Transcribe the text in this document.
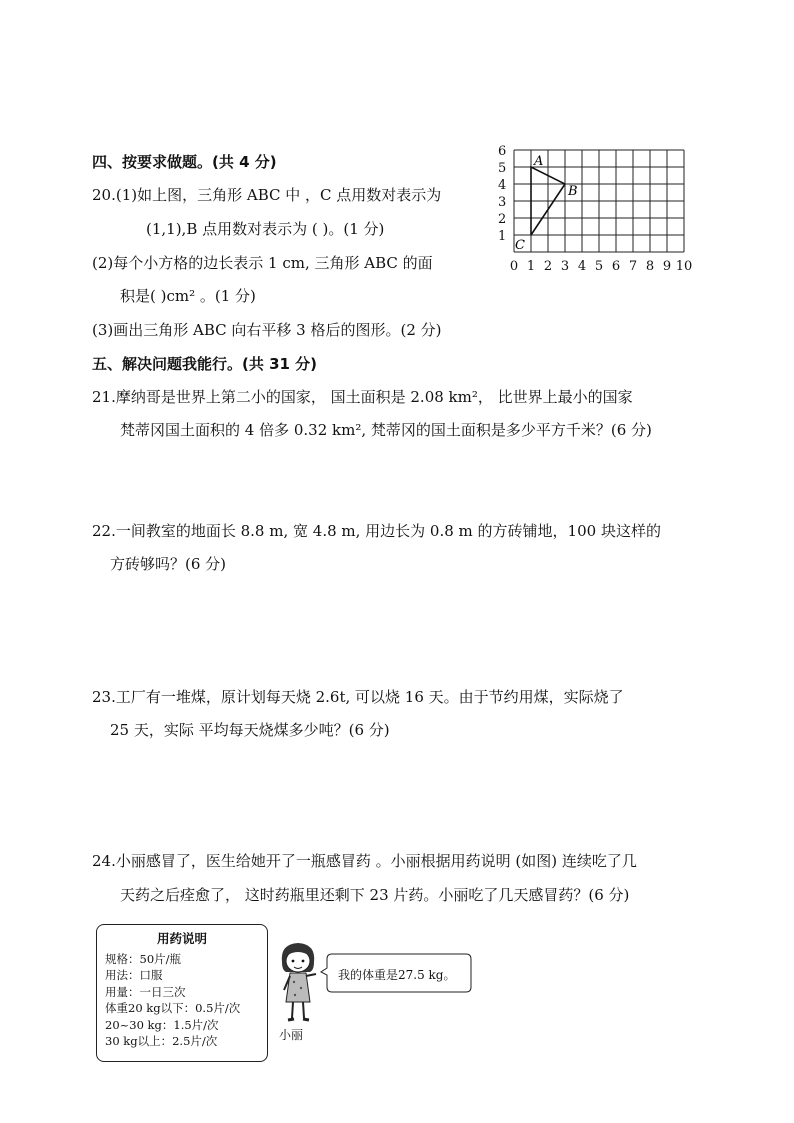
四、按要求做题。(共 4 分)
20.(1)如上图，三角形 ABC 中 ，C 点用数对表示为
(1,1),B 点用数对表示为 ( )。(1 分)
(2)每个小方格的边长表示 1 cm, 三角形 ABC 的面
积是( )cm² 。(1 分)
(3)画出三角形 ABC 向右平移 3 格后的图形。(2 分)
1
2
3
4
5
6
0 1 2 3 4 5 6 7 8 9 10
A
B
C
五、解决问题我能行。(共 31 分)
21.摩纳哥是世界上第二小的国家， 国土面积是 2.08 km²， 比世界上最小的国家
梵蒂冈国土面积的 4 倍多 0.32 km², 梵蒂冈的国土面积是多少平方千米？(6 分)
22.一间教室的地面长 8.8 m, 宽 4.8 m, 用边长为 0.8 m 的方砖铺地，100 块这样的
方砖够吗？(6 分)
23.工厂有一堆煤，原计划每天烧 2.6t, 可以烧 16 天。由于节约用煤，实际烧了
25 天，实际 平均每天烧煤多少吨？(6 分)
24.小丽感冒了，医生给她开了一瓶感冒药 。小丽根据用药说明 (如图) 连续吃了几
天药之后痊愈了， 这时药瓶里还剩下 23 片药。小丽吃了几天感冒药？(6 分)
用药说明
规格：50片/瓶
用法：口服
用量：一日三次
体重20 kg以下：0.5片/次
20~30 kg：1.5片/次
30 kg以上：2.5片/次	小丽
我的体重是27.5 kg。
